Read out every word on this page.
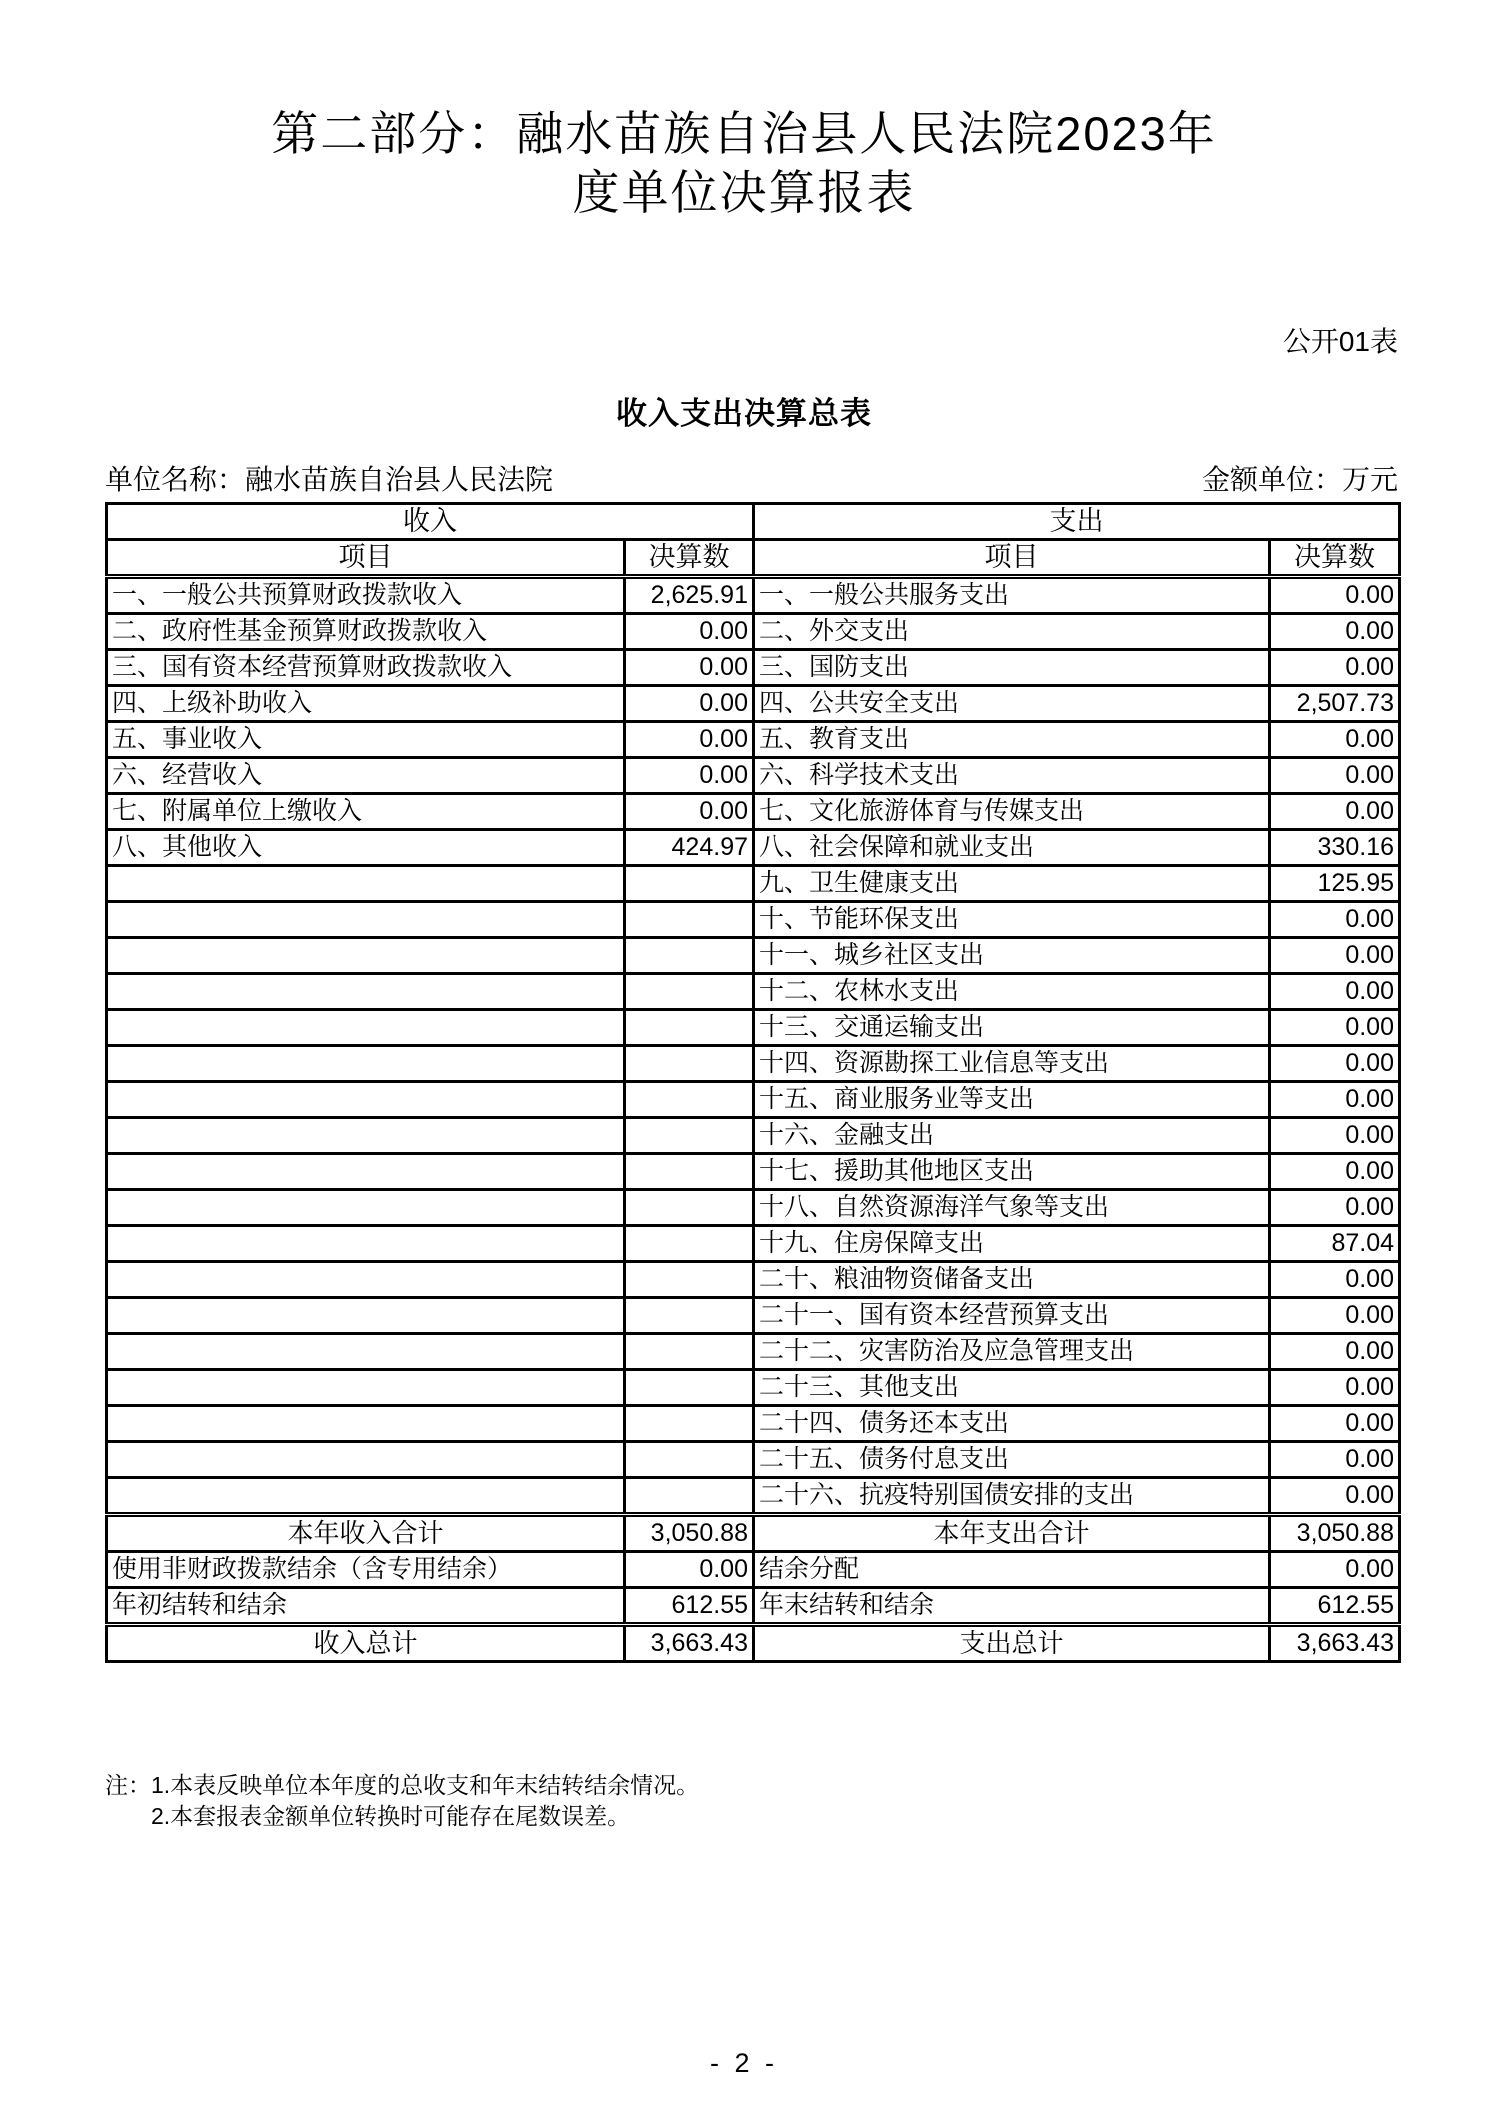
第二部分：融水苗族自治县人民法院2023年
度单位决算报表
公开01表
收入支出决算总表
单位名称：融水苗族自治县人民法院	金额单位：万元
收入		支出	
项目	决算数	项目	决算数
一、一般公共预算财政拨款收入	2,625.91	一、一般公共服务支出	0.00
二、政府性基金预算财政拨款收入	0.00	二、外交支出	0.00
三、国有资本经营预算财政拨款收入	0.00	三、国防支出	0.00
四、上级补助收入	0.00	四、公共安全支出	2,507.73
五、事业收入	0.00	五、教育支出	0.00
六、经营收入	0.00	六、科学技术支出	0.00
七、附属单位上缴收入	0.00	七、文化旅游体育与传媒支出	0.00
八、其他收入	424.97	八、社会保障和就业支出	330.16
		九、卫生健康支出	125.95
		十、节能环保支出	0.00
		十一、城乡社区支出	0.00
		十二、农林水支出	0.00
		十三、交通运输支出	0.00
		十四、资源勘探工业信息等支出	0.00
		十五、商业服务业等支出	0.00
		十六、金融支出	0.00
		十七、援助其他地区支出	0.00
		十八、自然资源海洋气象等支出	0.00
		十九、住房保障支出	87.04
		二十、粮油物资储备支出	0.00
		二十一、国有资本经营预算支出	0.00
		二十二、灾害防治及应急管理支出	0.00
		二十三、其他支出	0.00
		二十四、债务还本支出	0.00
		二十五、债务付息支出	0.00
		二十六、抗疫特别国债安排的支出	0.00
本年收入合计	3,050.88	本年支出合计	3,050.88
使用非财政拨款结余（含专用结余）	0.00	结余分配	0.00
年初结转和结余	612.55	年末结转和结余	612.55
收入总计	3,663.43	支出总计	3,663.43
注：1.本表反映单位本年度的总收支和年末结转结余情况。
2.本套报表金额单位转换时可能存在尾数误差。
- 2 -
